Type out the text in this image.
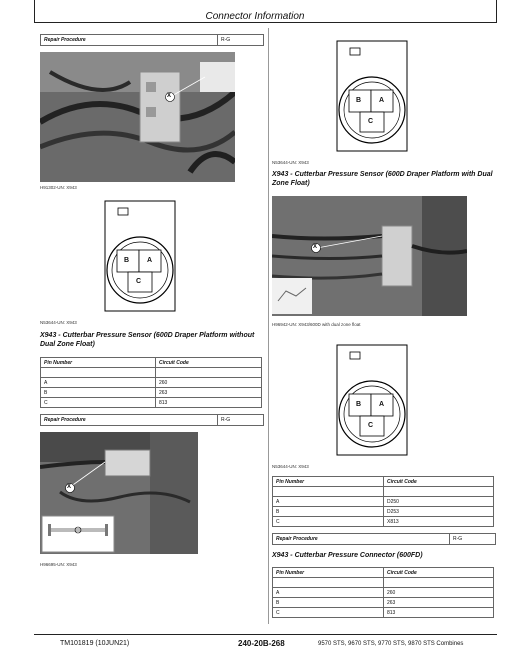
Connector Information
Repair Procedure	R-G
X
H91302-UN: X943
B	A
C
N53644-UN: X943
X943 - Cutterbar Pressure Sensor (600D Draper Platform without Dual Zone Float)
Pin Number	Circuit Code

A	260
B	263
C	813
Repair Procedure	R-G
X
H96695-UN: X943
B	A
C
N53644-UN: X943
X943 - Cutterbar Pressure Sensor (600D Draper Platform with Dual Zone Float)
X
H96942-UN: X943/600D with dual zone float
B	A
C
N53644-UN: X943
Pin Number	Circuit Code

A	D250
B	D253
C	X813
Repair Procedure	R-G
X943 - Cutterbar Pressure Connector (600FD)
Pin Number	Circuit Code

A	260
B	263
C	813
TM101819 (10JUN21)	240-20B-268	9570 STS, 9670 STS, 9770 STS, 9870 STS Combines
